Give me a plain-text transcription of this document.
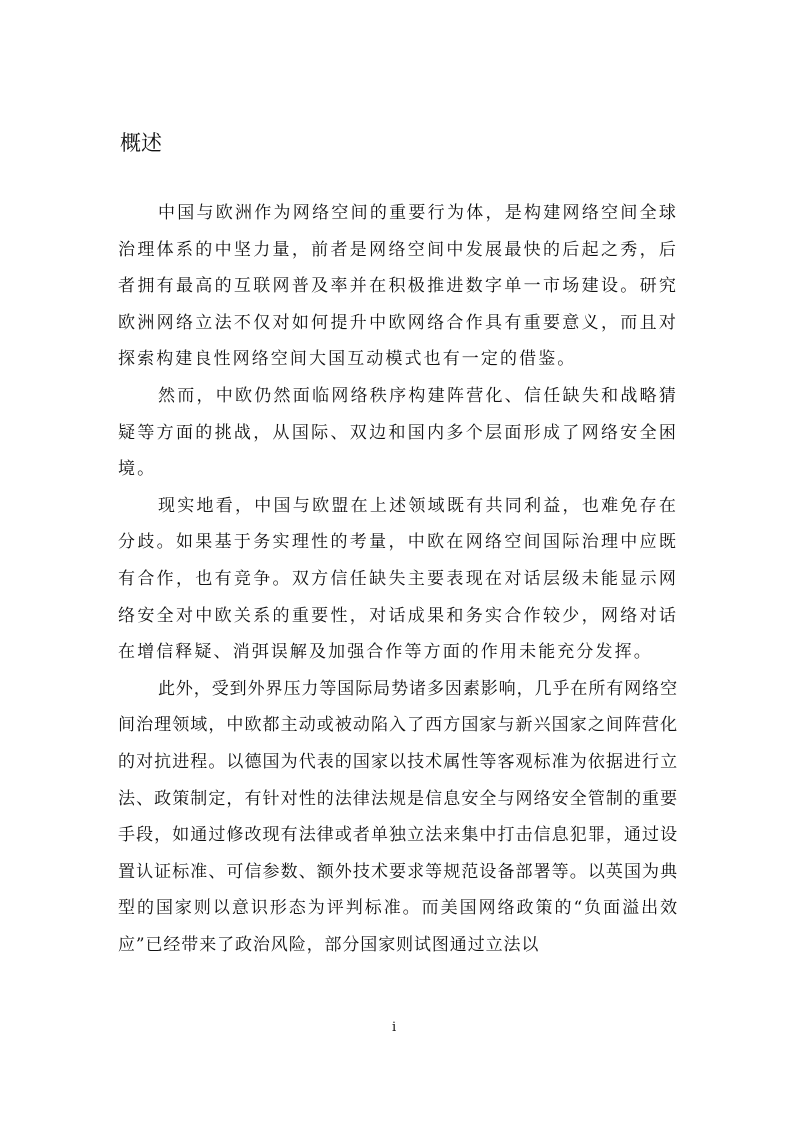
概述

中国与欧洲作为网络空间的重要行为体，是构建网络空间全球治理体系的中坚力量，前者是网络空间中发展最快的后起之秀，后者拥有最高的互联网普及率并在积极推进数字单一市场建设。研究欧洲网络立法不仅对如何提升中欧网络合作具有重要意义，而且对探索构建良性网络空间大国互动模式也有一定的借鉴。

然而，中欧仍然面临网络秩序构建阵营化、信任缺失和战略猜疑等方面的挑战，从国际、双边和国内多个层面形成了网络安全困境。

现实地看，中国与欧盟在上述领域既有共同利益，也难免存在分歧。如果基于务实理性的考量，中欧在网络空间国际治理中应既有合作，也有竞争。双方信任缺失主要表现在对话层级未能显示网络安全对中欧关系的重要性，对话成果和务实合作较少，网络对话在增信释疑、消弭误解及加强合作等方面的作用未能充分发挥。

此外，受到外界压力等国际局势诸多因素影响，几乎在所有网络空间治理领域，中欧都主动或被动陷入了西方国家与新兴国家之间阵营化的对抗进程。以德国为代表的国家以技术属性等客观标准为依据进行立法、政策制定，有针对性的法律法规是信息安全与网络安全管制的重要手段，如通过修改现有法律或者单独立法来集中打击信息犯罪，通过设置认证标准、可信参数、额外技术要求等规范设备部署等。以英国为典型的国家则以意识形态为评判标准。而美国网络政策的“负面溢出效应”已经带来了政治风险，部分国家则试图通过立法以

i
